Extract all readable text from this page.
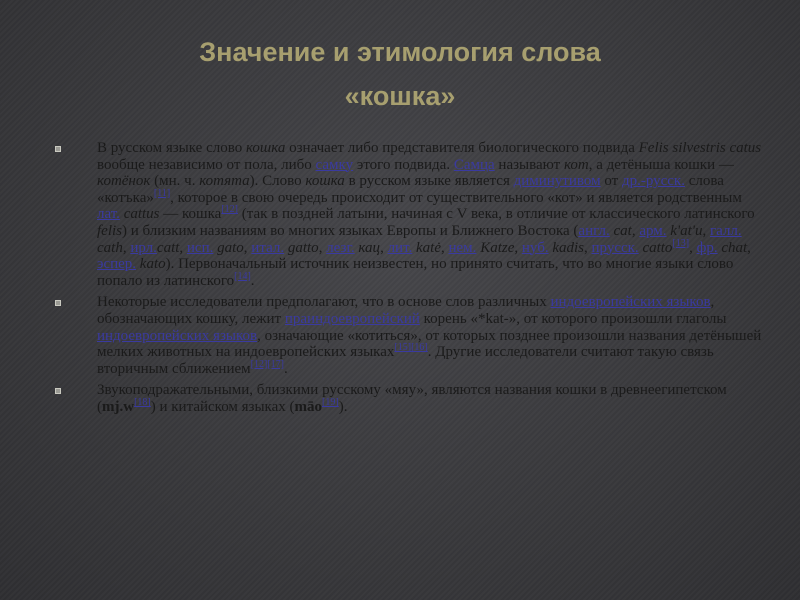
Значение и этимология слова
«кошка»

В русском языке слово кошка означает либо представителя биологического подвида Felis silvestris catus вообще независимо от пола, либо самку этого подвида. Самца называют кот, а детёныша кошки — котёнок (мн. ч. котята). Слово кошка в русском языке является диминутивом от др.-русск. слова «котъка»[11], которое в свою очередь происходит от существительного «кот» и является родственным лат. cattus — кошка[12] (так в поздней латыни, начиная с V века, в отличие от классического латинского felis) и близким названиям во многих языках Европы и Ближнего Востока (англ. cat, арм. k'at'u, галл. cath, ирл.catt, исп. gato, итал. gatto, лезг. кац, лит. katė, нем. Katze, нуб. kadis, прусск. catto[13], фр. chat, эспер. kato). Первоначальный источник неизвестен, но принято считать, что во многие языки слово попало из латинского[14].

Некоторые исследователи предполагают, что в основе слов различных индоевропейских языков, обозначающих кошку, лежит праиндоевропейский корень «*kat-», от которого произошли глаголы индоевропейских языков, означающие «котиться», от которых позднее произошли названия детёнышей мелких животных на индоевропейских языках[15][16]. Другие исследователи считают такую связь вторичным сближением[12][17].

Звукоподражательными, близкими русскому «мяу», являются названия кошки в древнеегипетском (mj.w[18]) и китайском языках (māo[19]).
